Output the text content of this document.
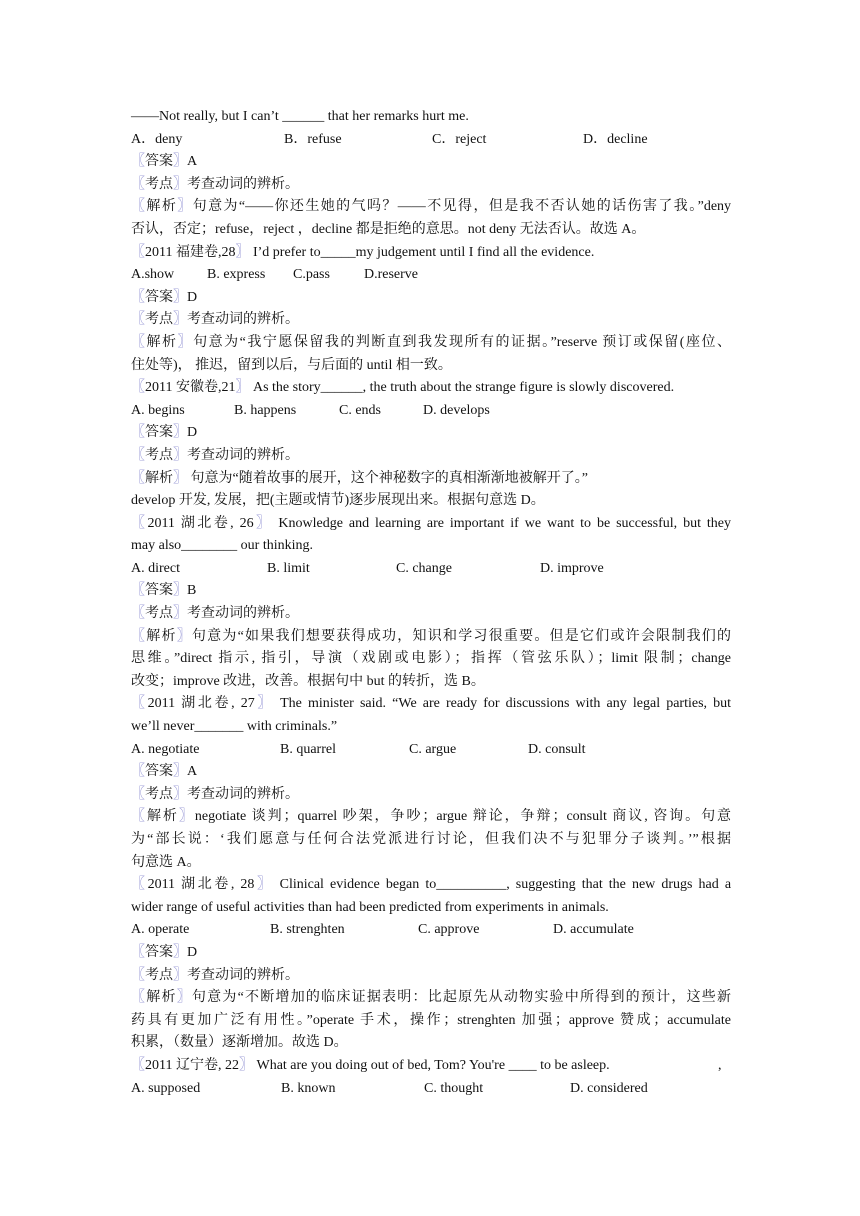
——Not really, but I can’t ______ that her remarks hurt me.
A．deny	B．refuse	C．reject	D．decline
〖答案〗A
〖考点〗考查动词的辨析。
〖解析〗句意为“——你还生她的气吗？——不见得，但是我不否认她的话伤害了我。”deny
否认，否定；refuse，reject ，decline 都是拒绝的意思。not deny 无法否认。故选 A。
〖2011 福建卷,28〗 I’d prefer to_____my judgement until I find all the evidence.
A.show B. express C.pass D.reserve
〖答案〗D
〖考点〗考查动词的辨析。
〖解析〗句意为“我宁愿保留我的判断直到我发现所有的证据。”reserve 预订或保留(座位、
住处等)， 推迟，留到以后，与后面的 until 相一致。
〖2011 安徽卷,21〗 As the story______, the truth about the strange figure is slowly discovered.
A. begins	B. happens	C. ends	D. develops
〖答案〗D
〖考点〗考查动词的辨析。
〖解析〗 句意为“随着故事的展开，这个神秘数字的真相渐渐地被解开了。”
develop 开发, 发展，把(主题或情节)逐步展现出来。根据句意选 D。
〖2011 湖北卷, 26〗 Knowledge and learning are important if we want to be successful, but they
may also________ our thinking.
A. direct	B. limit	C. change	D. improve
〖答案〗B
〖考点〗考查动词的辨析。
〖解析〗句意为“如果我们想要获得成功，知识和学习很重要。但是它们或许会限制我们的
思维。”direct 指示, 指引，导演（戏剧或电影）；指挥（管弦乐队）；limit 限制；change
改变；improve 改进，改善。根据句中 but 的转折，选 B。
〖2011 湖北卷, 27〗 The minister said. “We are ready for discussions with any legal parties, but
we’ll never_______ with criminals.”
A. negotiate	B. quarrel	C. argue	D. consult
〖答案〗A
〖考点〗考查动词的辨析。
〖解析〗negotiate 谈判；quarrel 吵架，争吵；argue 辩论，争辩；consult 商议, 咨询。句意
为“部长说：‘我们愿意与任何合法党派进行讨论，但我们决不与犯罪分子谈判。’”根据
句意选 A。
〖2011 湖北卷, 28〗 Clinical evidence began to__________, suggesting that the new drugs had a
wider range of useful activities than had been predicted from experiments in animals.
A. operate	B. strenghten	C. approve	D. accumulate
〖答案〗D
〖考点〗考查动词的辨析。
〖解析〗句意为“不断增加的临床证据表明：比起原先从动物实验中所得到的预计，这些新
药具有更加广泛有用性。”operate 手术，操作；strenghten 加强；approve 赞成；accumulate
积累，（数量）逐渐增加。故选 D。
〖2011 辽宁卷, 22〗 What are you doing out of bed, Tom? You're ____ to be asleep.	,
A. supposed	B. known	C. thought	D. considered
